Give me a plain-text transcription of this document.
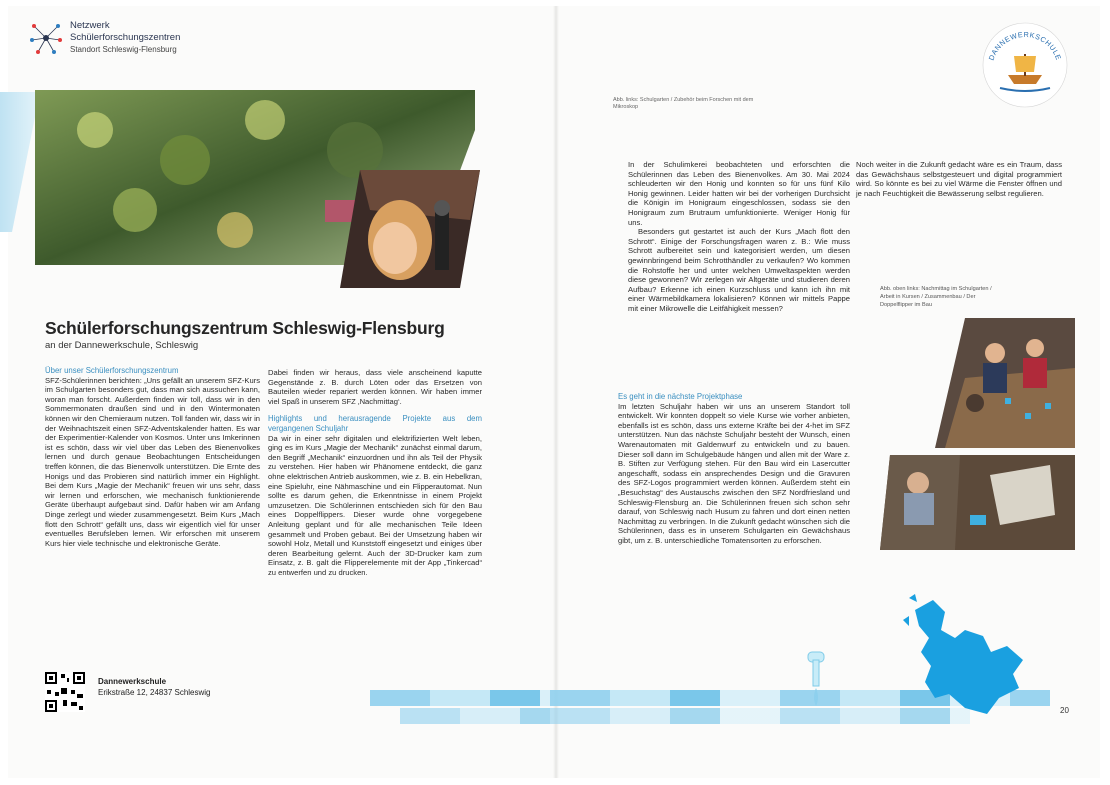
Netzwerk
Schülerforschungszentren
Standort Schleswig-Flensburg
Schülerforschungszentrum Schleswig-Flensburg
an der Dannewerkschule, Schleswig

Über unser Schülerforschungszentrum

SFZ-Schülerinnen berichten: „Uns gefällt an unserem SFZ-Kurs im Schulgarten besonders gut, dass man sich aussuchen kann, woran man forscht. Außerdem finden wir toll, dass wir in den Sommermonaten draußen sind und in den Wintermonaten können wir den Chemieraum nutzen. Toll fanden wir, dass wir in der Weihnachtszeit einen SFZ-Adventskalender hatten. Es war der Experimentier-Kalender von Kosmos. Unter uns Imkerinnen ist es schön, dass wir viel über das Leben des Bienenvolkes lernen und durch genaue Beobachtungen Entscheidungen treffen können, die das Bienenvolk unterstützen. Die Ernte des Honigs und das Probieren sind natürlich immer ein Highlight. Bei dem Kurs „Magie der Mechanik“ freuen wir uns sehr, dass wir lernen und erforschen, wie mechanisch funktionierende Geräte überhaupt aufgebaut sind. Dafür haben wir am Anfang Dinge zerlegt und wieder zusammengesetzt. Beim Kurs „Mach flott den Schrott“ gefällt uns, dass wir eigentlich viel für unser eventuelles Berufsleben lernen. Wir erforschen mit unserem Kurs hier viele technische und elektronische Geräte.

Dabei finden wir heraus, dass viele anscheinend kaputte Gegenstände z. B. durch Löten oder das Ersetzen von Bauteilen wieder repariert werden können. Wir haben immer viel Spaß in unserem SFZ ‚Nachmittag‘.

Highlights und herausragende Projekte aus dem vergangenen Schuljahr

Da wir in einer sehr digitalen und elektrifizierten Welt leben, ging es im Kurs „Magie der Mechanik“ zunächst einmal darum, den Begriff „Mechanik“ einzuordnen und ihn als Teil der Physik zu verstehen. Hier haben wir Phänomene entdeckt, die ganz ohne elektrischen Antrieb auskommen, wie z. B. ein Hebelkran, eine Spieluhr, eine Nähmaschine und ein Flipperautomat. Nun sollte es darum gehen, die Erkenntnisse in einem Projekt umzusetzen. Die Schülerinnen entschieden sich für den Bau eines Doppelflippers. Dieser wurde ohne vorgegebene Anleitung geplant und für alle mechanischen Teile Ideen gesammelt und Proben gebaut. Bei der Umsetzung haben wir sowohl Holz, Metall und Kunststoff eingesetzt und einiges über deren Bearbeitung gelernt. Auch der 3D-Drucker kam zum Einsatz, z. B. galt die Flipperelemente mit der App „Tinkercad“ zu entwerfen und zu drucken.

Dannewerkschule
Erikstraße 12, 24837 Schleswig
Abb. links: Schulgarten / Zubehör beim Forschen mit dem Mikroskop
DANNEWERKSCHULE

In der Schulimkerei beobachteten und erforschten die Schülerinnen das Leben des Bienenvolkes. Am 30. Mai 2024 schleuderten wir den Honig und konnten so für uns fünf Kilo Honig gewinnen. Leider hatten wir bei der vorherigen Durchsicht die Königin im Honigraum eingeschlossen, sodass sie den Honigraum zum Brutraum umfunktionierte. Weniger Honig für uns.

Besonders gut gestartet ist auch der Kurs „Mach flott den Schrott“. Einige der Forschungsfragen waren z. B.: Wie muss Schrott aufbereitet sein und kategorisiert werden, um diesen gewinnbringend beim Schrotthändler zu verkaufen? Wo kommen die Rohstoffe her und unter welchen Umweltaspekten werden diese gewonnen? Wir zerlegen wir Altgeräte und studieren deren Aufbau? Erkenne ich einen Kurzschluss und kann ich ihn mit einer Wärmebildkamera lokalisieren? Können wir mittels Pappe mit einer Mikrowelle die Leitfähigkeit messen?

Noch weiter in die Zukunft gedacht wäre es ein Traum, dass das Gewächshaus selbstgesteuert und digital programmiert wird. So könnte es bei zu viel Wärme die Fenster öffnen und je nach Feuchtigkeit die Bewässerung selbst regulieren.

Es geht in die nächste Projektphase

Im letzten Schuljahr haben wir uns an unserem Standort toll entwickelt. Wir konnten doppelt so viele Kurse wie vorher anbieten, ebenfalls ist es schön, dass uns externe Kräfte bei der 4-het im SFZ unterstützen. Nun das nächste Schuljahr besteht der Wunsch, einen Warenautomaten mit Galdenwurf zu entwickeln und zu bauen. Dieser soll dann im Schulgebäude hängen und allen mit der Ware z. B. Stiften zur Verfügung stehen. Für den Bau wird ein Lasercutter angeschafft, sodass ein ansprechendes Design und die Gravuren des SFZ-Logos programmiert werden können. Außerdem steht ein „Besuchstag“ des Austauschs zwischen den SFZ Nordfriesland und Schleswig-Flensburg an. Die Schülerinnen freuen sich schon sehr darauf, von Schleswig nach Husum zu fahren und dort einen netten Nachmittag zu verbringen. In die Zukunft gedacht wünschen sich die Schülerinnen, dass es in unserem Schulgarten ein Gewächshaus gibt, um z. B. unterschiedliche Tomatensorten zu erforschen.

Abb. oben links: Nachmittag im Schulgarten / Arbeit in Kursen / Zusammenbau / Der Doppelflipper im Bau
20
